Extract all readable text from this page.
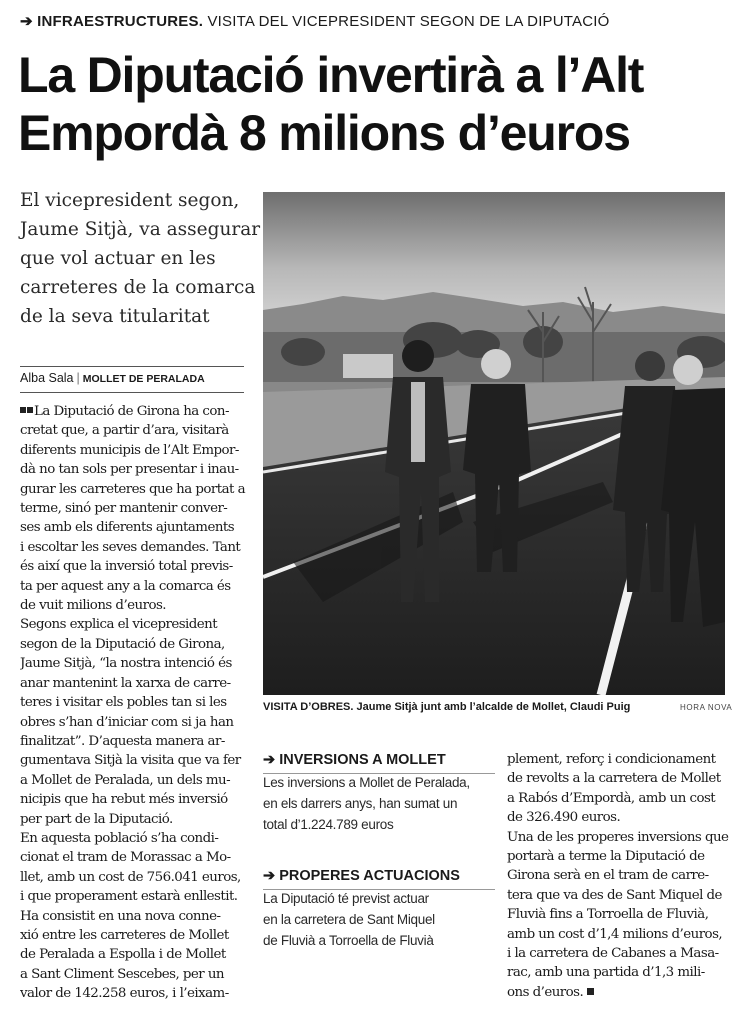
➔ INFRAESTRUCTURES. VISITA DEL VICEPRESIDENT SEGON DE LA DIPUTACIÓ
La Diputació invertirà a l’Alt
Empordà 8 milions d’euros
El vicepresident segon,
Jaume Sitjà, va assegurar
que vol actuar en les
carreteres de la comarca
de la seva titularitat
Alba Sala | MOLLET DE PERALADA
La Diputació de Girona ha con-
cretat que, a partir d’ara, visitarà
diferents municipis de l’Alt Empor-
dà no tan sols per presentar i inau-
gurar les carreteres que ha portat a
terme, sinó per mantenir conver-
ses amb els diferents ajuntaments
i escoltar les seves demandes. Tant
és així que la inversió total previs-
ta per aquest any a la comarca és
de vuit milions d’euros.
Segons explica el vicepresident
segon de la Diputació de Girona,
Jaume Sitjà, “la nostra intenció és
anar mantenint la xarxa de carre-
teres i visitar els pobles tan si les
obres s’han d’iniciar com si ja han
finalitzat”. D’aquesta manera ar-
gumentava Sitjà la visita que va fer
a Mollet de Peralada, un dels mu-
nicipis que ha rebut més inversió
per part de la Diputació.
En aquesta població s’ha condi-
cionat el tram de Morassac a Mo-
llet, amb un cost de 756.041 euros,
i que properament estarà enllestit.
Ha consistit en una nova conne-
xió entre les carreteres de Mollet
de Peralada a Espolla i de Mollet
a Sant Climent Sescebes, per un
valor de 142.258 euros, i l’eixam-
VISITA D’OBRES. Jaume Sitjà junt amb l’alcalde de Mollet, Claudi Puig	HORA NOVA
➔ INVERSIONS A MOLLET
Les inversions a Mollet de Peralada,
en els darrers anys, han sumat un
total d’1.224.789 euros
➔ PROPERES ACTUACIONS
La Diputació té previst actuar
en la carretera de Sant Miquel
de Fluvià a Torroella de Fluvià
plement, reforç i condicionament
de revolts a la carretera de Mollet
a Rabós d’Empordà, amb un cost
de 326.490 euros.
Una de les properes inversions que
portarà a terme la Diputació de
Girona serà en el tram de carre-
tera que va des de Sant Miquel de
Fluvià fins a Torroella de Fluvià,
amb un cost d’1,4 milions d’euros,
i la carretera de Cabanes a Masa-
rac, amb una partida d’1,3 mili-
ons d’euros.
